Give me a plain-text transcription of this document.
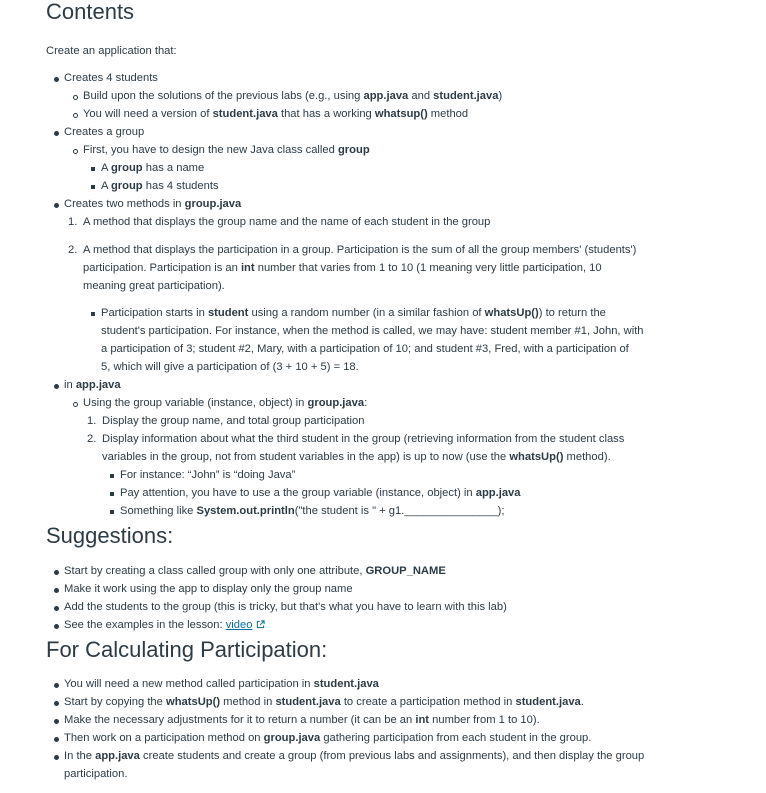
Contents
Create an application that:
Creates 4 students
Build upon the solutions of the previous labs (e.g., using app.java and student.java)
You will need a version of student.java that has a working whatsup() method
Creates a group
First, you have to design the new Java class called group
A group has a name
A group has 4 students
Creates two methods in group.java
1. A method that displays the group name and the name of each student in the group
2. A method that displays the participation in a group. Participation is the sum of all the group members' (students')
participation. Participation is an int number that varies from 1 to 10 (1 meaning very little participation, 10
meaning great participation).
Participation starts in student using a random number (in a similar fashion of whatsUp()) to return the
student's participation. For instance, when the method is called, we may have: student member #1, John, with
a participation of 3; student #2, Mary, with a participation of 10; and student #3, Fred, with a participation of
5, which will give a participation of (3 + 10 + 5) = 18.
in app.java
Using the group variable (instance, object) in group.java:
1. Display the group name, and total group participation
2. Display information about what the third student in the group (retrieving information from the student class
variables in the group, not from student variables in the app) is up to now (use the whatsUp() method).
For instance: “John” is “doing Java”
Pay attention, you have to use a the group variable (instance, object) in app.java
Something like System.out.println("the student is " + g1._______________);
Suggestions:
Start by creating a class called group with only one attribute, GROUP_NAME
Make it work using the app to display only the group name
Add the students to the group (this is tricky, but that's what you have to learn with this lab)
See the examples in the lesson: video
For Calculating Participation:
You will need a new method called participation in student.java
Start by copying the whatsUp() method in student.java to create a participation method in student.java.
Make the necessary adjustments for it to return a number (it can be an int number from 1 to 10).
Then work on a participation method on group.java gathering participation from each student in the group.
In the app.java create students and create a group (from previous labs and assignments), and then display the group
participation.
